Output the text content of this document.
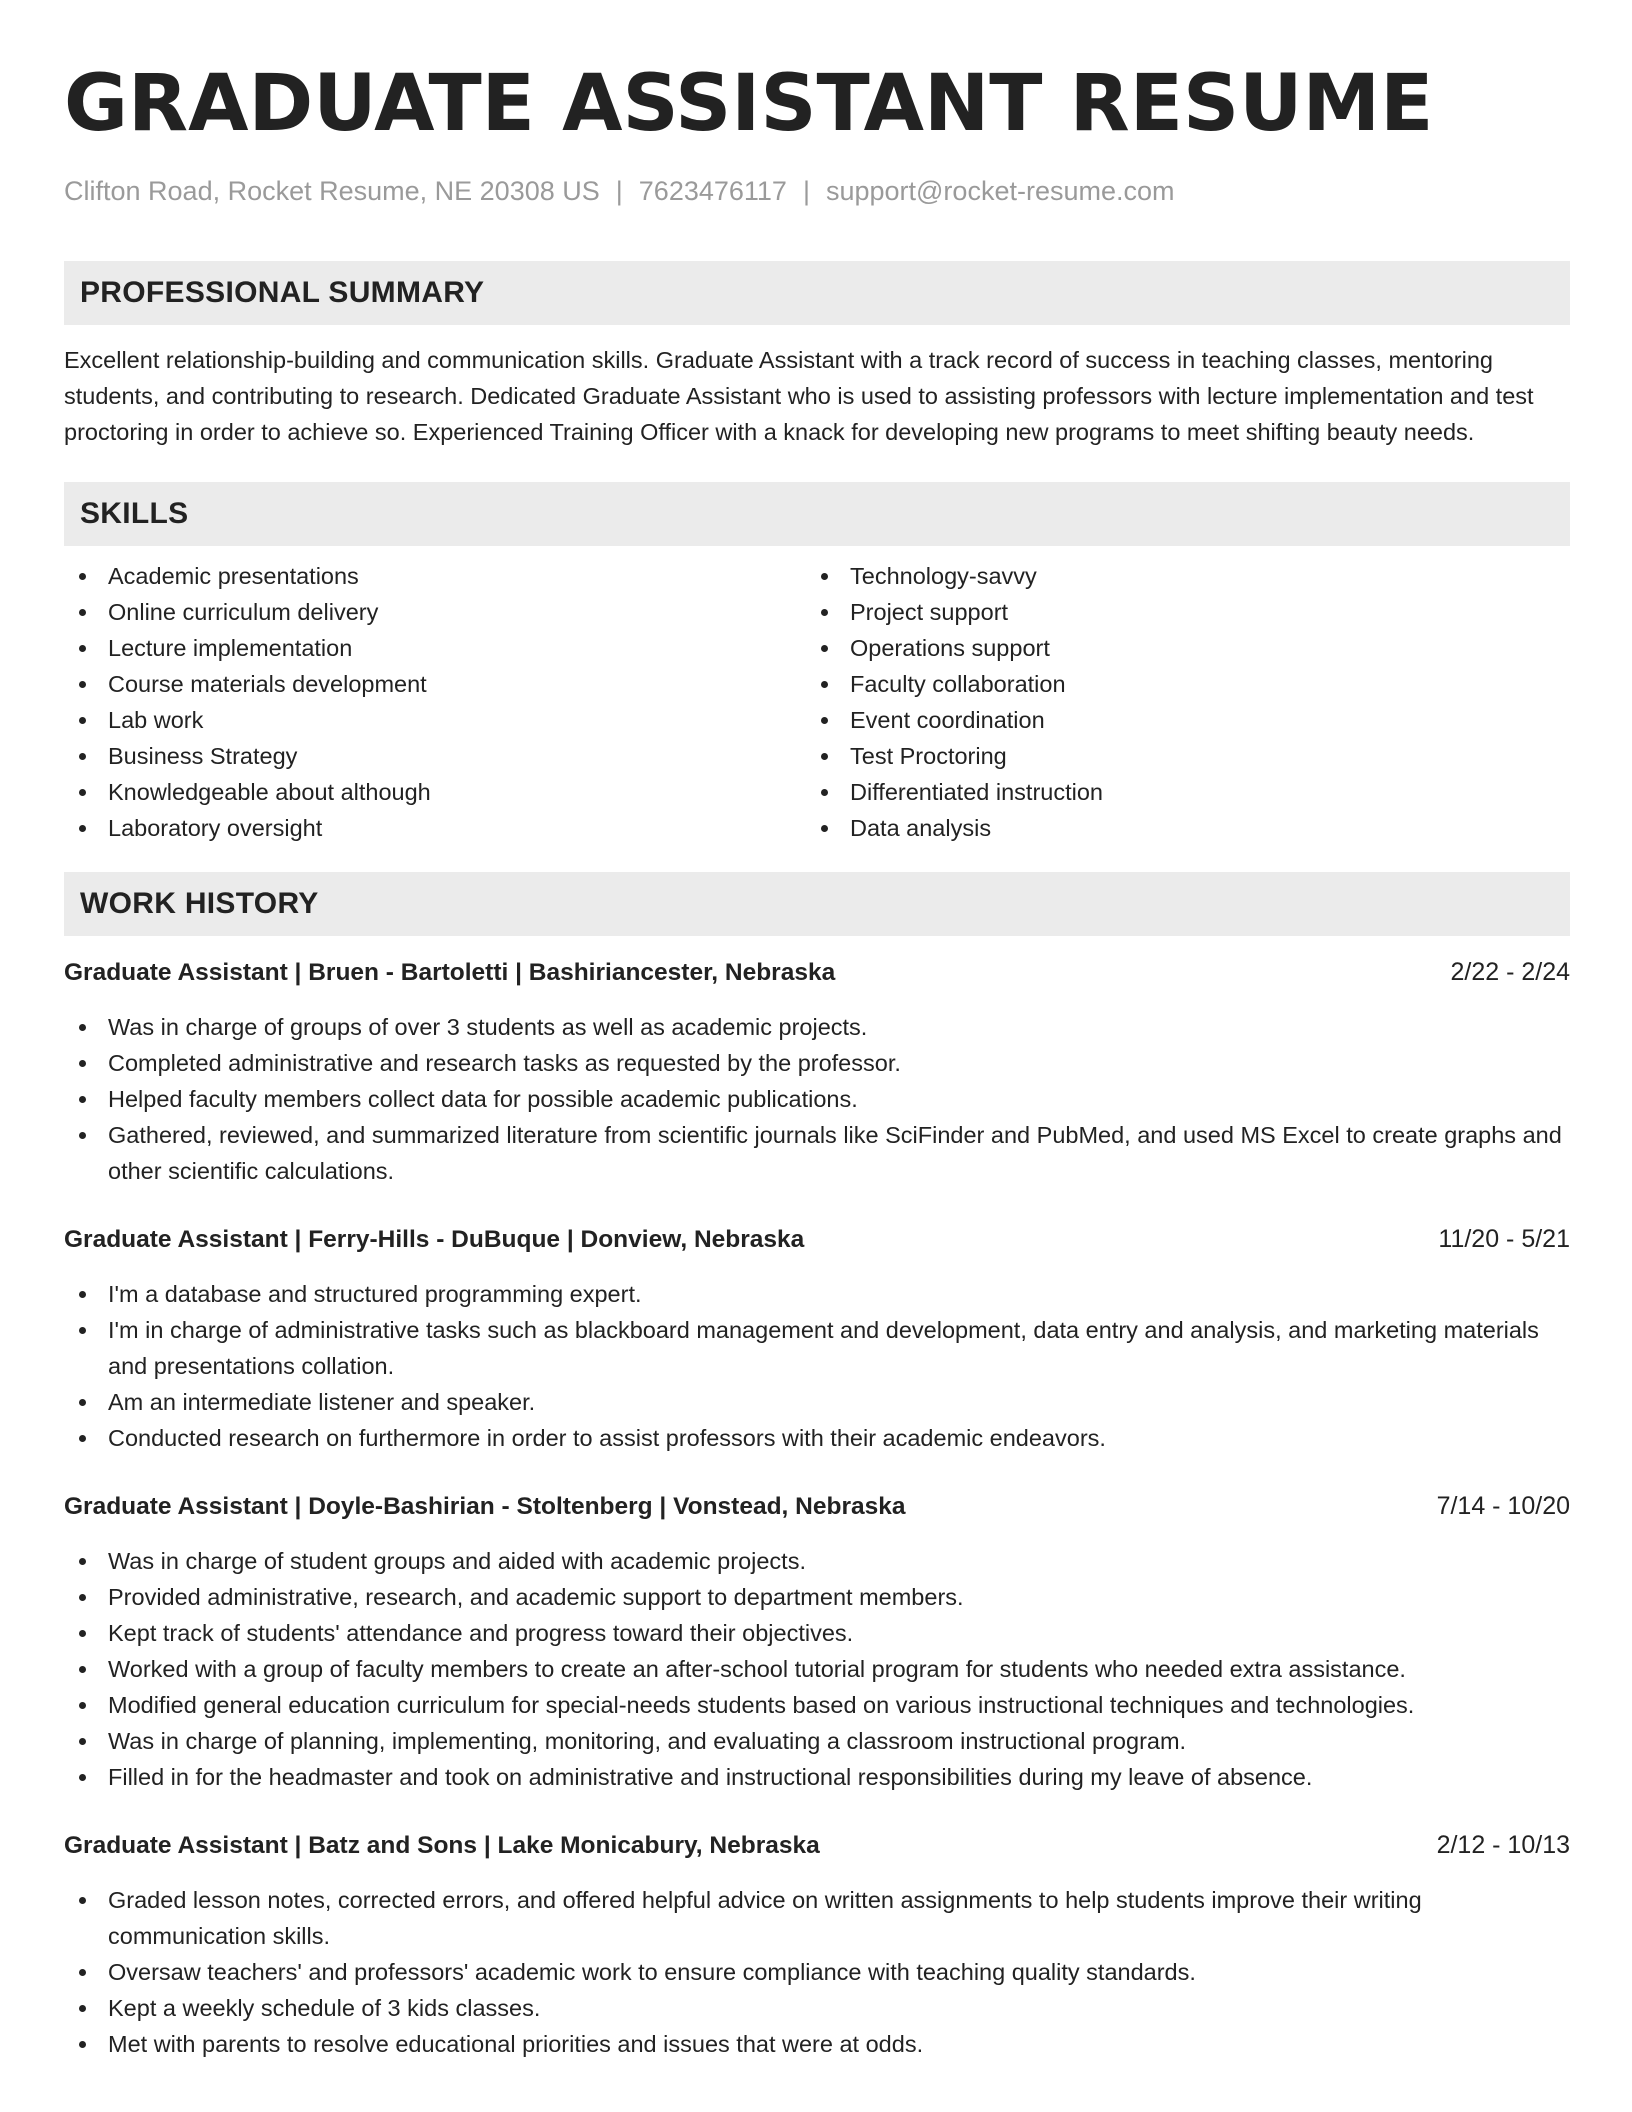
GRADUATE ASSISTANT RESUME
Clifton Road, Rocket Resume, NE 20308 US | 7623476117 | support@rocket-resume.com
PROFESSIONAL SUMMARY

Excellent relationship-building and communication skills. Graduate Assistant with a track record of success in teaching classes, mentoring students, and contributing to research. Dedicated Graduate Assistant who is used to assisting professors with lecture implementation and test proctoring in order to achieve so. Experienced Training Officer with a knack for developing new programs to meet shifting beauty needs.

SKILLS
Academic presentations
Online curriculum delivery
Lecture implementation
Course materials development
Lab work
Business Strategy
Knowledgeable about although
Laboratory oversight
Technology-savvy
Project support
Operations support
Faculty collaboration
Event coordination
Test Proctoring
Differentiated instruction
Data analysis
WORK HISTORY
Graduate Assistant | Bruen - Bartoletti | Bashiriancester, Nebraska	2/22 - 2/24
Was in charge of groups of over 3 students as well as academic projects.
Completed administrative and research tasks as requested by the professor.
Helped faculty members collect data for possible academic publications.
Gathered, reviewed, and summarized literature from scientific journals like SciFinder and PubMed, and used MS Excel to create graphs and other scientific calculations.
Graduate Assistant | Ferry-Hills - DuBuque | Donview, Nebraska	11/20 - 5/21
I'm a database and structured programming expert.
I'm in charge of administrative tasks such as blackboard management and development, data entry and analysis, and marketing materials and presentations collation.
Am an intermediate listener and speaker.
Conducted research on furthermore in order to assist professors with their academic endeavors.
Graduate Assistant | Doyle-Bashirian - Stoltenberg | Vonstead, Nebraska	7/14 - 10/20
Was in charge of student groups and aided with academic projects.
Provided administrative, research, and academic support to department members.
Kept track of students' attendance and progress toward their objectives.
Worked with a group of faculty members to create an after-school tutorial program for students who needed extra assistance.
Modified general education curriculum for special-needs students based on various instructional techniques and technologies.
Was in charge of planning, implementing, monitoring, and evaluating a classroom instructional program.
Filled in for the headmaster and took on administrative and instructional responsibilities during my leave of absence.
Graduate Assistant | Batz and Sons | Lake Monicabury, Nebraska	2/12 - 10/13
Graded lesson notes, corrected errors, and offered helpful advice on written assignments to help students improve their writing communication skills.
Oversaw teachers' and professors' academic work to ensure compliance with teaching quality standards.
Kept a weekly schedule of 3 kids classes.
Met with parents to resolve educational priorities and issues that were at odds.
